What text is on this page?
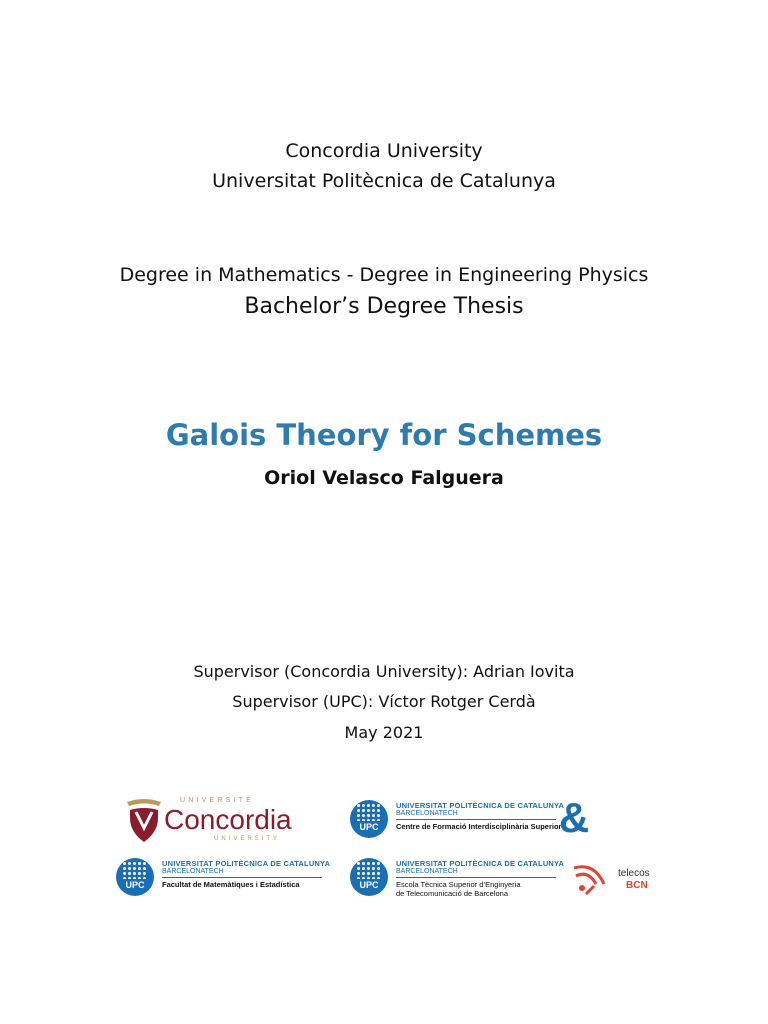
Concordia University
Universitat Politècnica de Catalunya
Degree in Mathematics - Degree in Engineering Physics
Bachelor’s Degree Thesis
Galois Theory for Schemes
Oriol Velasco Falguera
Supervisor (Concordia University): Adrian Iovita
Supervisor (UPC): Víctor Rotger Cerdà
May 2021
UNIVERSITÉ
Concordia
UNIVERSITY
UPC
UNIVERSITAT POLITÈCNICA DE CATALUNYA
BARCELONATECH
Centre de Formació Interdisciplinària Superior
&
UPC
UNIVERSITAT POLITÈCNICA DE CATALUNYA
BARCELONATECH
Facultat de Matemàtiques i Estadística	UPC
UNIVERSITAT POLITÈCNICA DE CATALUNYA
BARCELONATECH
Escola Tècnica Superior d’Enginyeria
de Telecomunicació de Barcelona
telecos
BCN
